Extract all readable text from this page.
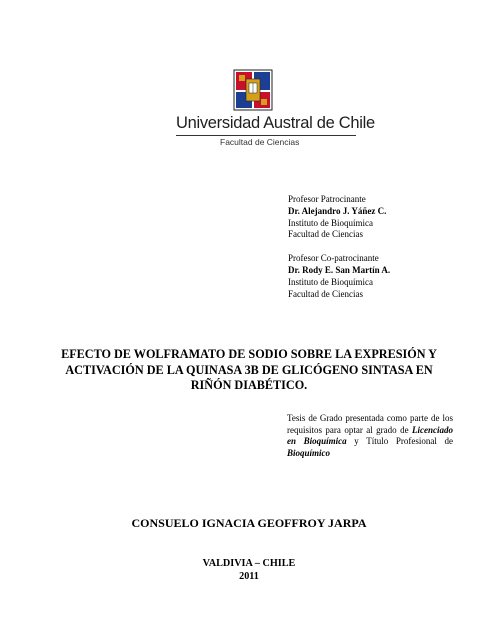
Universidad Austral de Chile
Facultad de Ciencias
Profesor Patrocinante
Dr. Alejandro J. Yáñez C.
Instituto de Bioquímica
Facultad de Ciencias
Profesor Co-patrocinante
Dr. Rody E. San Martín A.
Instituto de Bioquímica
Facultad de Ciencias
EFECTO DE WOLFRAMATO DE SODIO SOBRE LA EXPRESIÓN Y
ACTIVACIÓN DE LA QUINASA 3B DE GLICÓGENO SINTASA EN
RIÑÓN DIABÉTICO.
Tesis de Grado presentada como parte de los requisitos para optar al grado de Licenciado en Bioquímica y Título Profesional de Bioquímico
CONSUELO IGNACIA GEOFFROY JARPA
VALDIVIA – CHILE
2011
